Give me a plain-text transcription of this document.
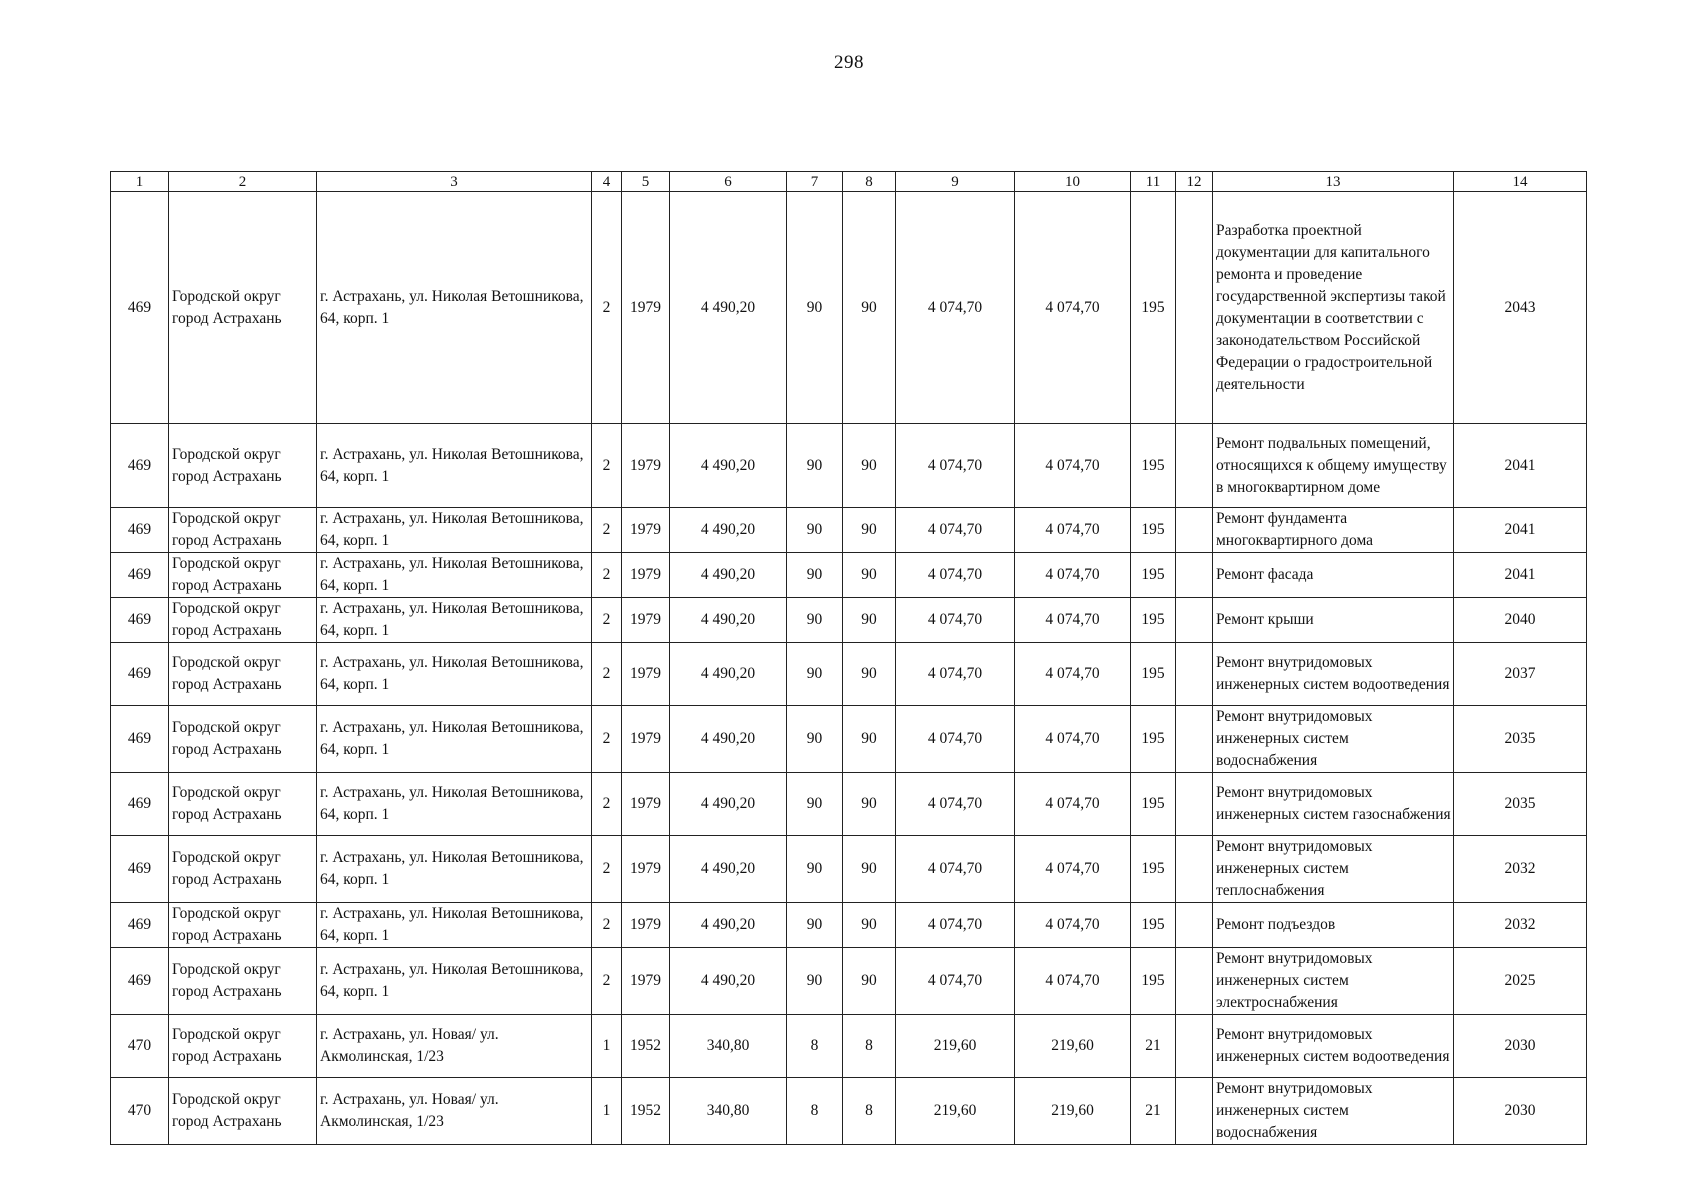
298
1	2	3	4	5	6	7	8	9	10	11	12	13	14
469	Городской округ город Астрахань	г. Астрахань, ул. Николая Ветошникова, 64, корп. 1	2	1979	4 490,20	90	90	4 074,70	4 074,70	195		Разработка проектной документации для капитального ремонта и проведение государственной экспертизы такой документации в соответствии с законодательством Российской Федерации о градостроительной деятельности	2043
469	Городской округ город Астрахань	г. Астрахань, ул. Николая Ветошникова, 64, корп. 1	2	1979	4 490,20	90	90	4 074,70	4 074,70	195		Ремонт подвальных помещений, относящихся к общему имуществу в многоквартирном доме	2041
469	Городской округ город Астрахань	г. Астрахань, ул. Николая Ветошникова, 64, корп. 1	2	1979	4 490,20	90	90	4 074,70	4 074,70	195		Ремонт фундамента многоквартирного дома	2041
469	Городской округ город Астрахань	г. Астрахань, ул. Николая Ветошникова, 64, корп. 1	2	1979	4 490,20	90	90	4 074,70	4 074,70	195		Ремонт фасада	2041
469	Городской округ город Астрахань	г. Астрахань, ул. Николая Ветошникова, 64, корп. 1	2	1979	4 490,20	90	90	4 074,70	4 074,70	195		Ремонт крыши	2040
469	Городской округ город Астрахань	г. Астрахань, ул. Николая Ветошникова, 64, корп. 1	2	1979	4 490,20	90	90	4 074,70	4 074,70	195		Ремонт внутридомовых инженерных систем водоотведения	2037
469	Городской округ город Астрахань	г. Астрахань, ул. Николая Ветошникова, 64, корп. 1	2	1979	4 490,20	90	90	4 074,70	4 074,70	195		Ремонт внутридомовых инженерных систем водоснабжения	2035
469	Городской округ город Астрахань	г. Астрахань, ул. Николая Ветошникова, 64, корп. 1	2	1979	4 490,20	90	90	4 074,70	4 074,70	195		Ремонт внутридомовых инженерных систем газоснабжения	2035
469	Городской округ город Астрахань	г. Астрахань, ул. Николая Ветошникова, 64, корп. 1	2	1979	4 490,20	90	90	4 074,70	4 074,70	195		Ремонт внутридомовых инженерных систем теплоснабжения	2032
469	Городской округ город Астрахань	г. Астрахань, ул. Николая Ветошникова, 64, корп. 1	2	1979	4 490,20	90	90	4 074,70	4 074,70	195		Ремонт подъездов	2032
469	Городской округ город Астрахань	г. Астрахань, ул. Николая Ветошникова, 64, корп. 1	2	1979	4 490,20	90	90	4 074,70	4 074,70	195		Ремонт внутридомовых инженерных систем электроснабжения	2025
470	Городской округ город Астрахань	г. Астрахань, ул. Новая/ ул. Акмолинская, 1/23	1	1952	340,80	8	8	219,60	219,60	21		Ремонт внутридомовых инженерных систем водоотведения	2030
470	Городской округ город Астрахань	г. Астрахань, ул. Новая/ ул. Акмолинская, 1/23	1	1952	340,80	8	8	219,60	219,60	21		Ремонт внутридомовых инженерных систем водоснабжения	2030
